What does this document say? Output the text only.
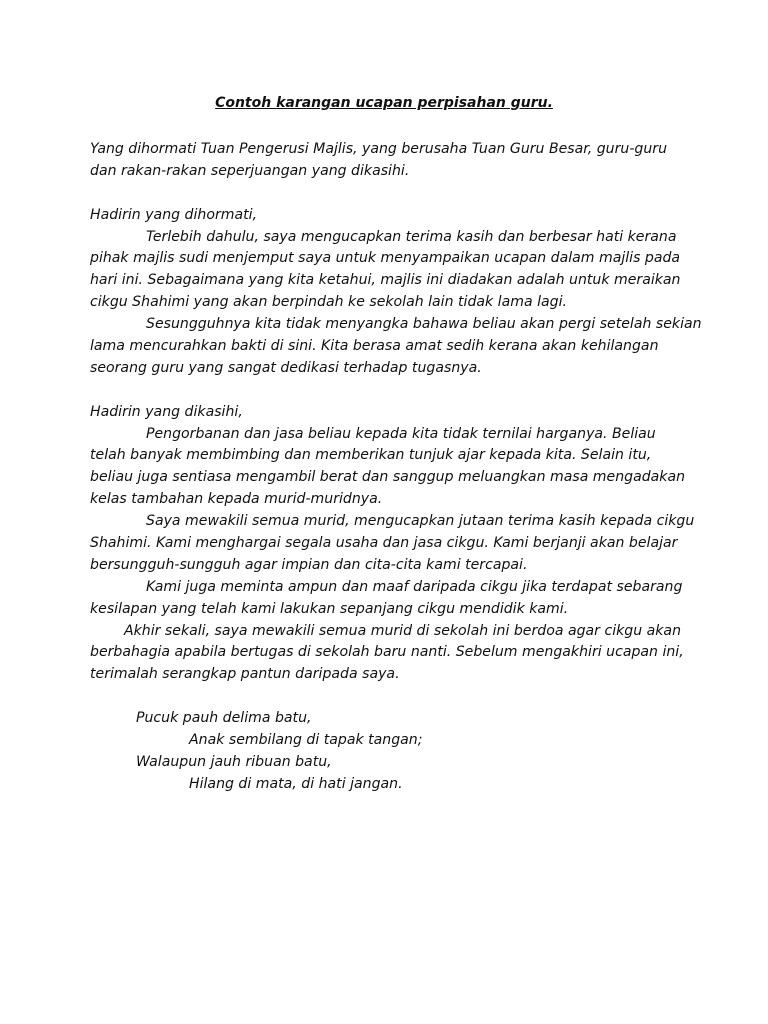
Contoh karangan ucapan perpisahan guru.
Yang dihormati Tuan Pengerusi Majlis, yang berusaha Tuan Guru Besar, guru-guru
dan rakan-rakan seperjuangan yang dikasihi.
Hadirin yang dihormati,
Terlebih dahulu, saya mengucapkan terima kasih dan berbesar hati kerana
pihak majlis sudi menjemput saya untuk menyampaikan ucapan dalam majlis pada
hari ini. Sebagaimana yang kita ketahui, majlis ini diadakan adalah untuk meraikan
cikgu Shahimi yang akan berpindah ke sekolah lain tidak lama lagi.
Sesungguhnya kita tidak menyangka bahawa beliau akan pergi setelah sekian
lama mencurahkan bakti di sini. Kita berasa amat sedih kerana akan kehilangan
seorang guru yang sangat dedikasi terhadap tugasnya.
Hadirin yang dikasihi,
Pengorbanan dan jasa beliau kepada kita tidak ternilai harganya. Beliau
telah banyak membimbing dan memberikan tunjuk ajar kepada kita. Selain itu,
beliau juga sentiasa mengambil berat dan sanggup meluangkan masa mengadakan
kelas tambahan kepada murid-muridnya.
Saya mewakili semua murid, mengucapkan jutaan terima kasih kepada cikgu
Shahimi. Kami menghargai segala usaha dan jasa cikgu. Kami berjanji akan belajar
bersungguh-sungguh agar impian dan cita-cita kami tercapai.
Kami juga meminta ampun dan maaf daripada cikgu jika terdapat sebarang
kesilapan yang telah kami lakukan sepanjang cikgu mendidik kami.
Akhir sekali, saya mewakili semua murid di sekolah ini berdoa agar cikgu akan
berbahagia apabila bertugas di sekolah baru nanti. Sebelum mengakhiri ucapan ini,
terimalah serangkap pantun daripada saya.
Pucuk pauh delima batu,
Anak sembilang di tapak tangan;
Walaupun jauh ribuan batu,
Hilang di mata, di hati jangan.
